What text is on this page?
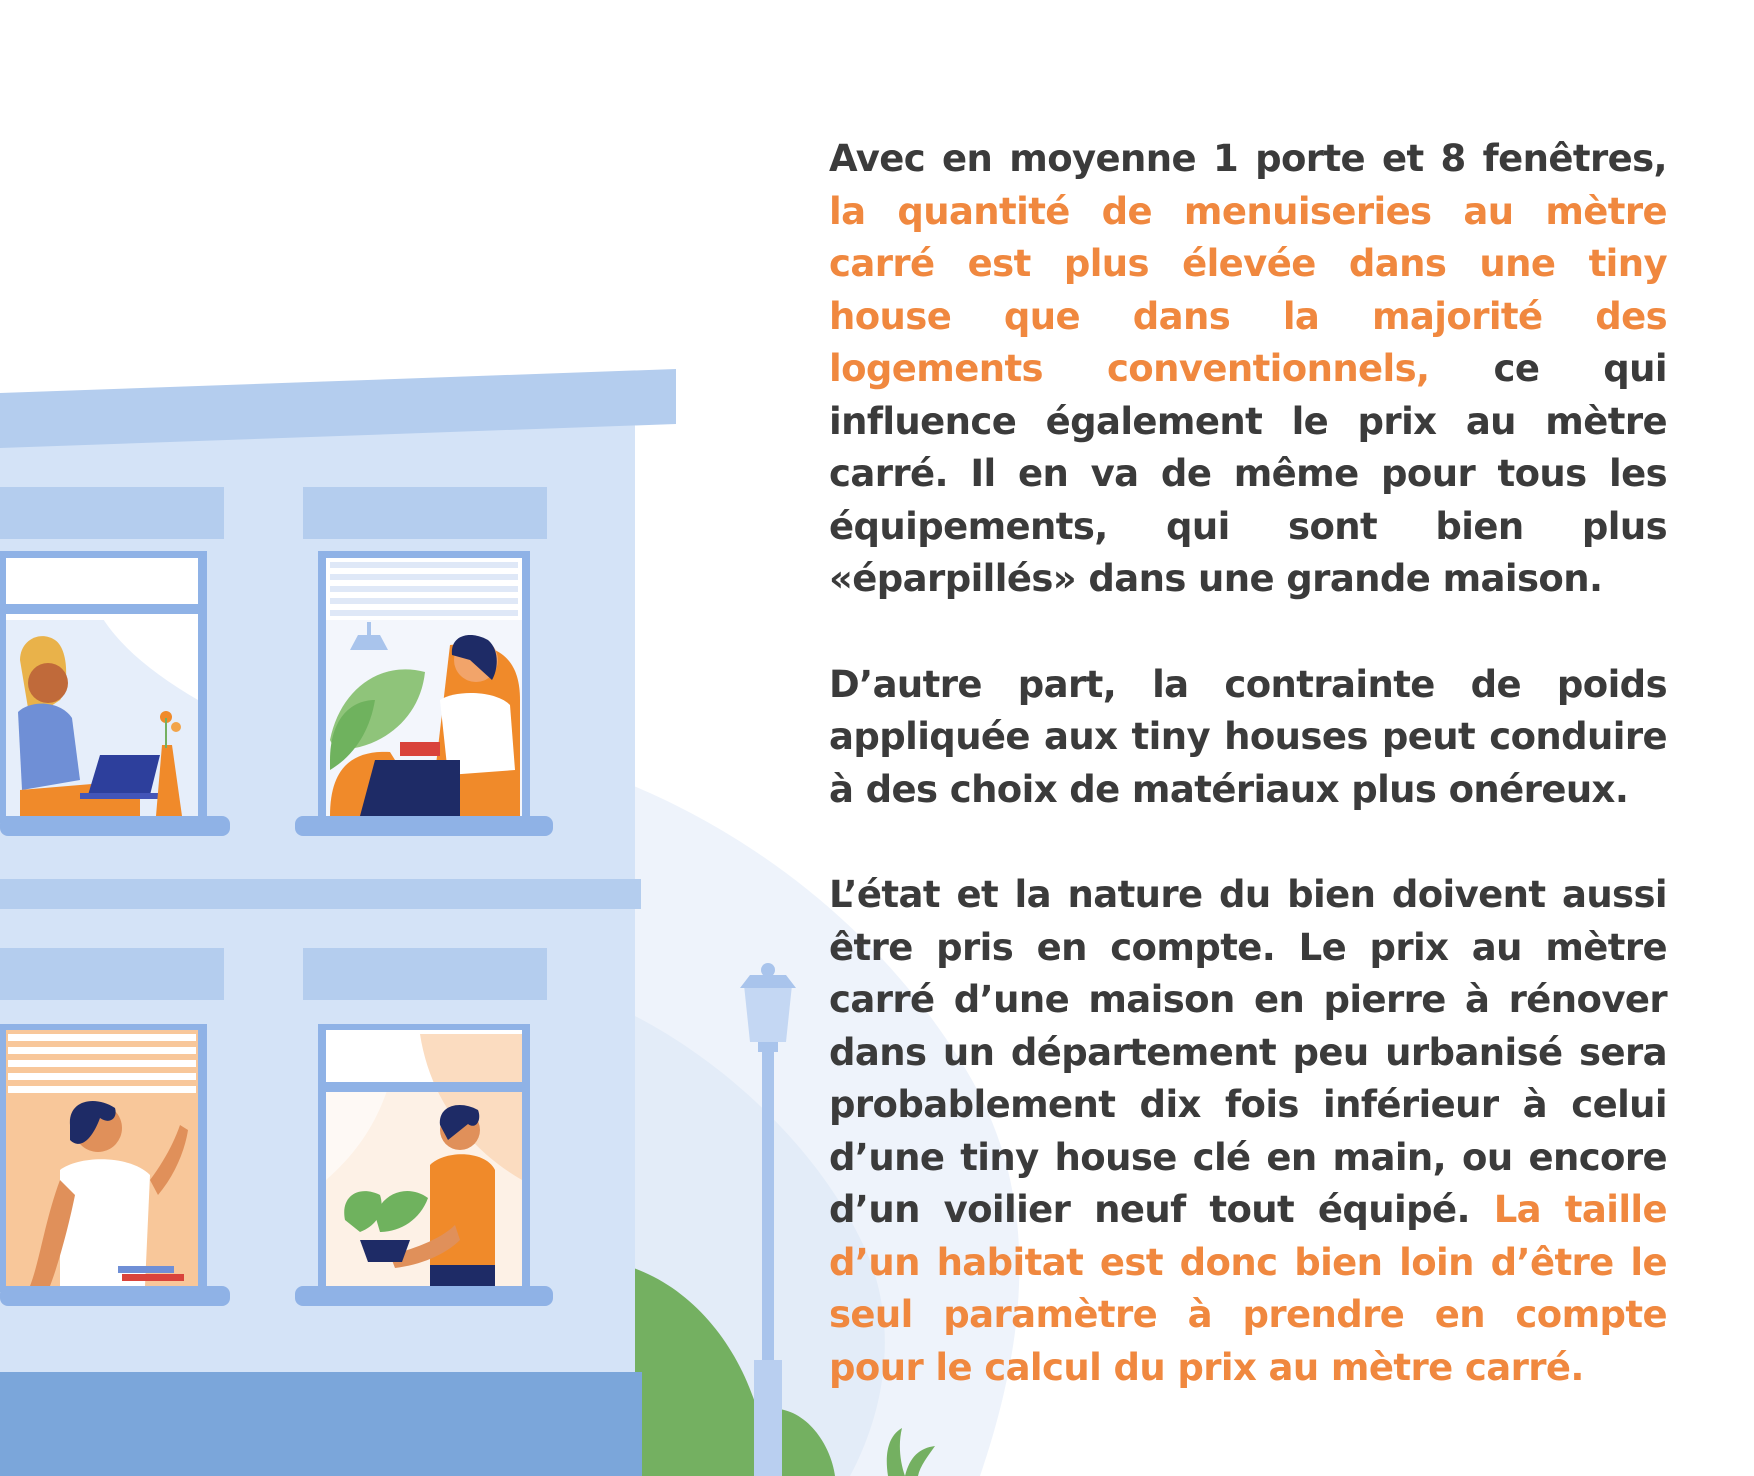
Avec en moyenne 1 porte et 8 fenêtres, la quantité de menuiseries au mètre carré est plus élevée dans une tiny house que dans la majorité des logements conventionnels, ce qui influence également le prix au mètre carré. Il en va de même pour tous les équipements, qui sont bien plus «éparpillés» dans une grande maison.

D’autre part, la contrainte de poids appliquée aux tiny houses peut conduire à des choix de matériaux plus onéreux.

L’état et la nature du bien doivent aussi être pris en compte. Le prix au mètre carré d’une maison en pierre à rénover dans un département peu urbanisé sera probablement dix fois inférieur à celui d’une tiny house clé en main, ou encore d’un voilier neuf tout équipé. La taille d’un habitat est donc bien loin d’être le seul paramètre à prendre en compte pour le calcul du prix au mètre carré.
